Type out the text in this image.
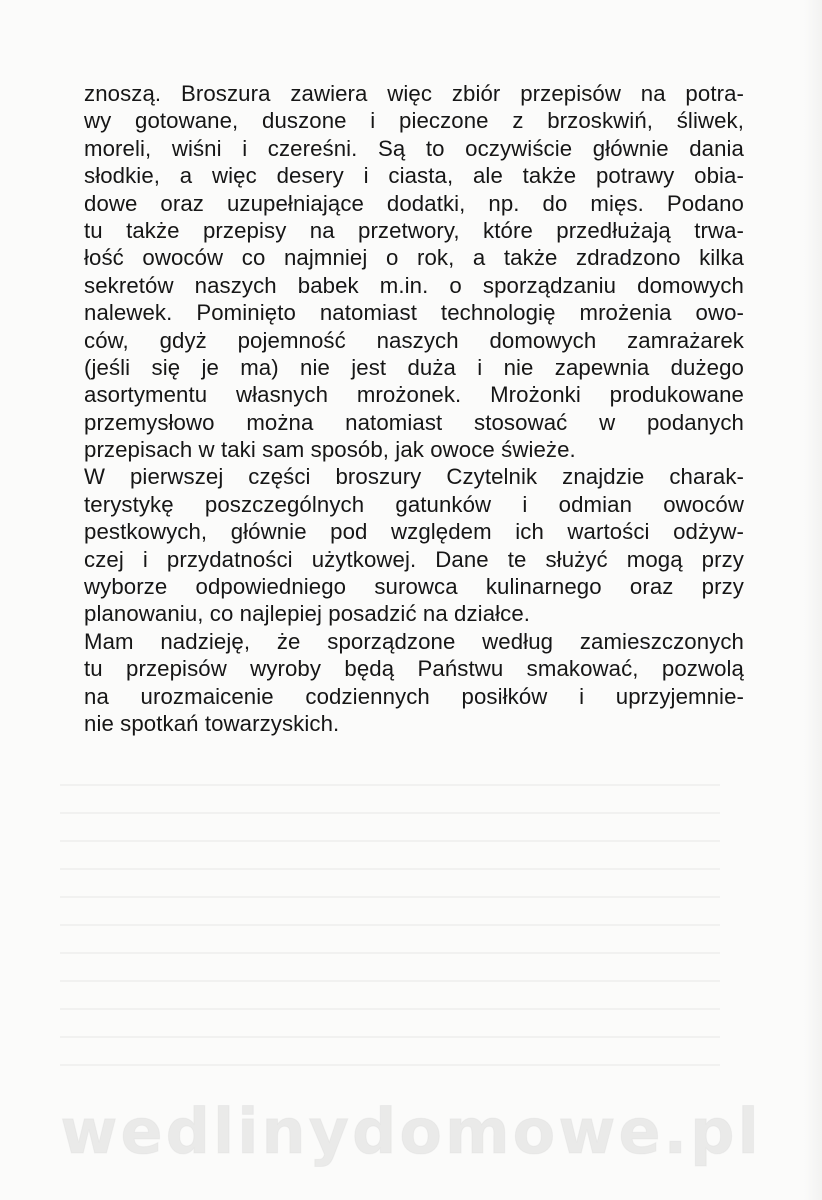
znoszą. Broszura zawiera więc zbiór przepisów na potra-
wy gotowane, duszone i pieczone z brzoskwiń, śliwek,
moreli, wiśni i czereśni. Są to oczywiście głównie dania
słodkie, a więc desery i ciasta, ale także potrawy obia-
dowe oraz uzupełniające dodatki, np. do mięs. Podano
tu także przepisy na przetwory, które przedłużają trwa-
łość owoców co najmniej o rok, a także zdradzono kilka
sekretów naszych babek m.in. o sporządzaniu domowych
nalewek. Pominięto natomiast technologię mrożenia owo-
ców, gdyż pojemność naszych domowych zamrażarek
(jeśli się je ma) nie jest duża i nie zapewnia dużego
asortymentu własnych mrożonek. Mrożonki produkowane
przemysłowo można natomiast stosować w podanych
przepisach w taki sam sposób, jak owoce świeże.
W pierwszej części broszury Czytelnik znajdzie charak-
terystykę poszczególnych gatunków i odmian owoców
pestkowych, głównie pod względem ich wartości odżyw-
czej i przydatności użytkowej. Dane te służyć mogą przy
wyborze odpowiedniego surowca kulinarnego oraz przy
planowaniu, co najlepiej posadzić na działce.
Mam nadzieję, że sporządzone według zamieszczonych
tu przepisów wyroby będą Państwu smakować, pozwolą
na urozmaicenie codziennych posiłków i uprzyjemnie-
nie spotkań towarzyskich.
wedlinydomowe.pl
